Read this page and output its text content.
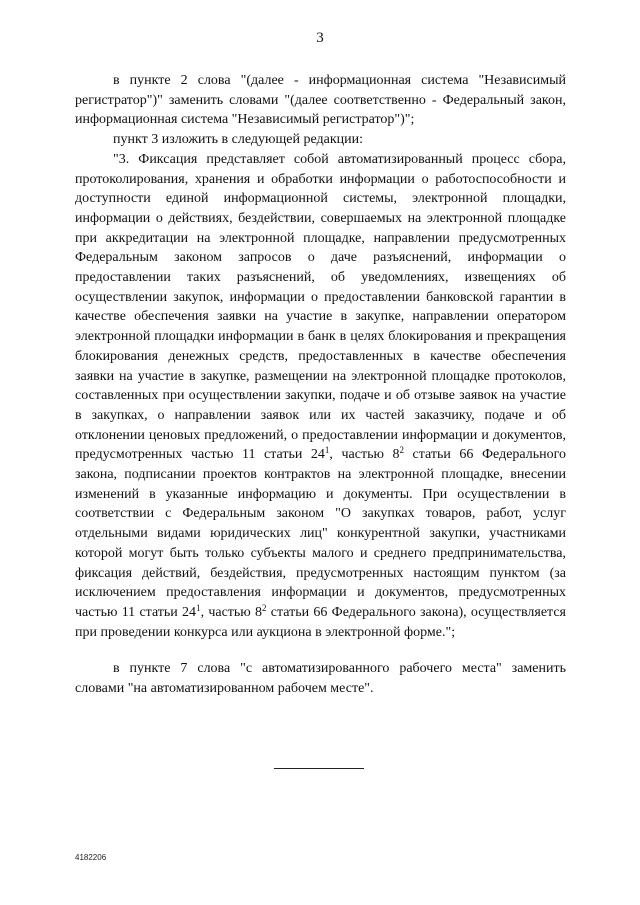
3

в пункте 2 слова "(далее - информационная система "Независимый регистратор")" заменить словами "(далее соответственно - Федеральный закон, информационная система "Независимый регистратор")";

пункт 3 изложить в следующей редакции:

"3. Фиксация представляет собой автоматизированный процесс сбора, протоколирования, хранения и обработки информации о работоспособности и доступности единой информационной системы, электронной площадки, информации о действиях, бездействии, совершаемых на электронной площадке при аккредитации на электронной площадке, направлении предусмотренных Федеральным законом запросов о даче разъяснений, информации о предоставлении таких разъяснений, об уведомлениях, извещениях об осуществлении закупок, информации о предоставлении банковской гарантии в качестве обеспечения заявки на участие в закупке, направлении оператором электронной площадки информации в банк в целях блокирования и прекращения блокирования денежных средств, предоставленных в качестве обеспечения заявки на участие в закупке, размещении на электронной площадке протоколов, составленных при осуществлении закупки, подаче и об отзыве заявок на участие в закупках, о направлении заявок или их частей заказчику, подаче и об отклонении ценовых предложений, о предоставлении информации и документов, предусмотренных частью 11 статьи $24^1$, частью $8^2$ статьи 66 Федерального закона, подписании проектов контрактов на электронной площадке, внесении изменений в указанные информацию и документы. При осуществлении в соответствии с Федеральным законом "О закупках товаров, работ, услуг отдельными видами юридических лиц" конкурентной закупки, участниками которой могут быть только субъекты малого и среднего предпринимательства, фиксация действий, бездействия, предусмотренных настоящим пунктом (за исключением предоставления информации и документов, предусмотренных частью 11 статьи $24^1$, частью $8^2$ статьи 66 Федерального закона), осуществляется при проведении конкурса или аукциона в электронной форме.";

в пункте 7 слова "с автоматизированного рабочего места" заменить словами "на автоматизированном рабочем месте".

4182206
